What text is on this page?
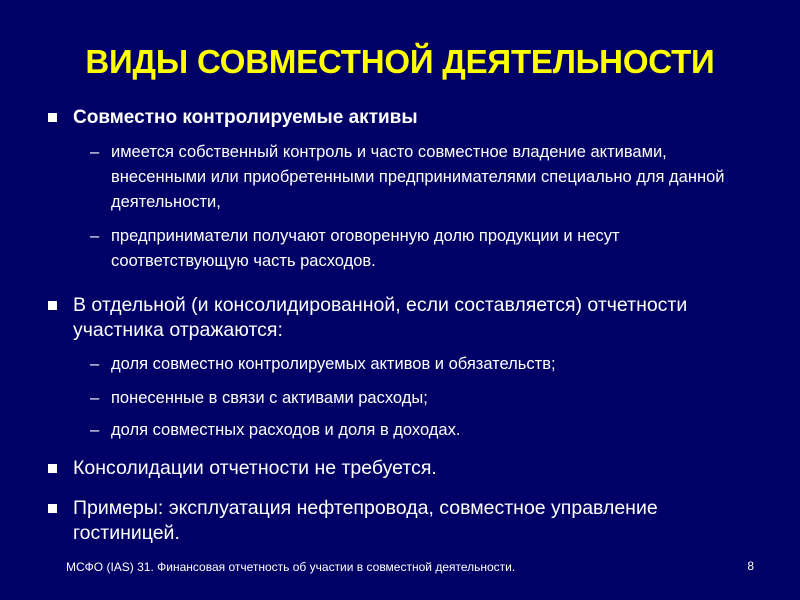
ВИДЫ СОВМЕСТНОЙ ДЕЯТЕЛЬНОСТИ
Совместно контролируемые активы
– имеется собственный контроль и часто совместное владение активами, внесенными или приобретенными предпринимателями специально для данной деятельности,
– предприниматели получают оговоренную долю продукции и несут соответствующую часть расходов.
В отдельной (и консолидированной, если составляется) отчетности участника отражаются:
– доля совместно контролируемых активов и обязательств;
– понесенные в связи с активами расходы;
– доля совместных расходов и доля в доходах.
Консолидации отчетности не требуется.
Примеры: эксплуатация нефтепровода, совместное управление гостиницей.
МСФО (IAS) 31. Финансовая отчетность об участии в совместной деятельности.	8
